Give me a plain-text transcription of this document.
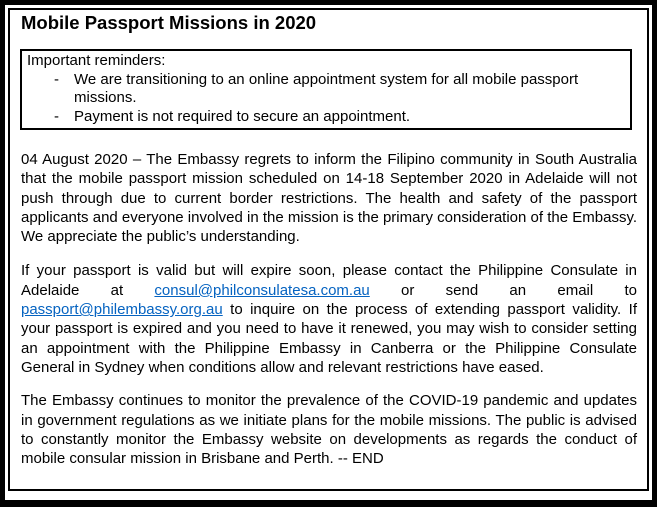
Mobile Passport Missions in 2020
Important reminders:
-	We are transitioning to an online appointment system for all mobile passport missions.
-	Payment is not required to secure an appointment.

04 August 2020 – The Embassy regrets to inform the Filipino community in South Australia that the mobile passport mission scheduled on 14-18 September 2020 in Adelaide will not push through due to current border restrictions. The health and safety of the passport applicants and everyone involved in the mission is the primary consideration of the Embassy. We appreciate the public’s understanding.

If your passport is valid but will expire soon, please contact the Philippine Consulate in Adelaide at consul@philconsulatesa.com.au or send an email to passport@philembassy.org.au to inquire on the process of extending passport validity. If your passport is expired and you need to have it renewed, you may wish to consider setting an appointment with the Philippine Embassy in Canberra or the Philippine Consulate General in Sydney when conditions allow and relevant restrictions have eased.

The Embassy continues to monitor the prevalence of the COVID-19 pandemic and updates in government regulations as we initiate plans for the mobile missions. The public is advised to constantly monitor the Embassy website on developments as regards the conduct of mobile consular mission in Brisbane and Perth. -- END
